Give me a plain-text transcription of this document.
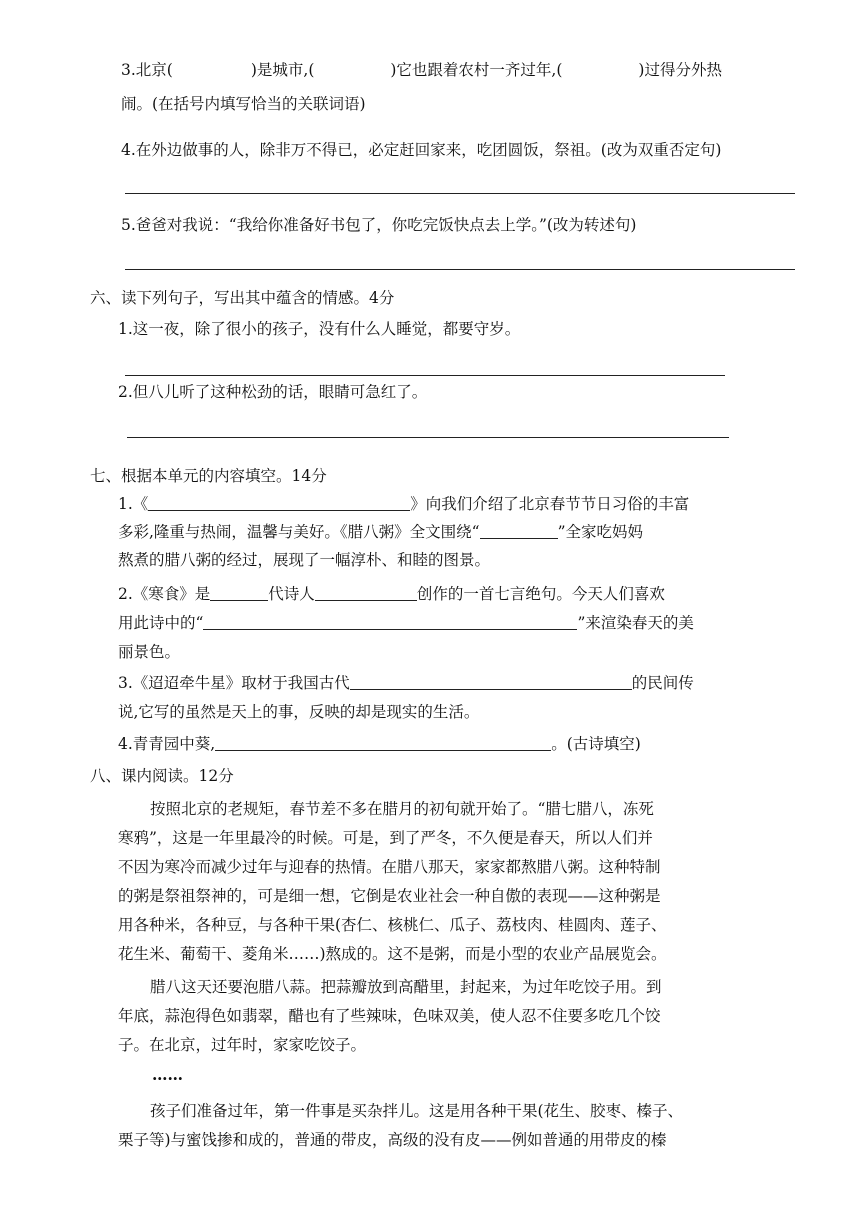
3.北京(	)是城市,(	)它也跟着农村一齐过年,(	)过得分外热
闹。(在括号内填写恰当的关联词语)
4.在外边做事的人，除非万不得已，必定赶回家来，吃团圆饭，祭祖。(改为双重否定句)
5.爸爸对我说：“我给你准备好书包了，你吃完饭快点去上学。”(改为转述句)
六、读下列句子，写出其中蕴含的情感。4分
1.这一夜，除了很小的孩子，没有什么人睡觉，都要守岁。
2.但八儿听了这种松劲的话，眼睛可急红了。
七、根据本单元的内容填空。14分
1.《	》向我们介绍了北京春节节日习俗的丰富
多彩,隆重与热闹，温馨与美好。《腊八粥》全文围绕“	”全家吃妈妈
熬煮的腊八粥的经过，展现了一幅淳朴、和睦的图景。
2.《寒食》是	代诗人	创作的一首七言绝句。今天人们喜欢
用此诗中的“	”来渲染春天的美
丽景色。
3.《迢迢牵牛星》取材于我国古代	的民间传
说,它写的虽然是天上的事，反映的却是现实的生活。
4.青青园中葵,	。(古诗填空)
八、课内阅读。12分
按照北京的老规矩，春节差不多在腊月的初旬就开始了。“腊七腊八，冻死
寒鸦”，这是一年里最冷的时候。可是，到了严冬，不久便是春天，所以人们并
不因为寒冷而减少过年与迎春的热情。在腊八那天，家家都熬腊八粥。这种特制
的粥是祭祖祭神的，可是细一想，它倒是农业社会一种自傲的表现——这种粥是
用各种米，各种豆，与各种干果(杏仁、核桃仁、瓜子、荔枝肉、桂圆肉、莲子、
花生米、葡萄干、菱角米……)熬成的。这不是粥，而是小型的农业产品展览会。
腊八这天还要泡腊八蒜。把蒜瓣放到高醋里，封起来，为过年吃饺子用。到
年底，蒜泡得色如翡翠，醋也有了些辣味，色味双美，使人忍不住要多吃几个饺
子。在北京，过年时，家家吃饺子。
……
孩子们准备过年，第一件事是买杂拌儿。这是用各种干果(花生、胶枣、榛子、
栗子等)与蜜饯掺和成的，普通的带皮，高级的没有皮——例如普通的用带皮的榛
